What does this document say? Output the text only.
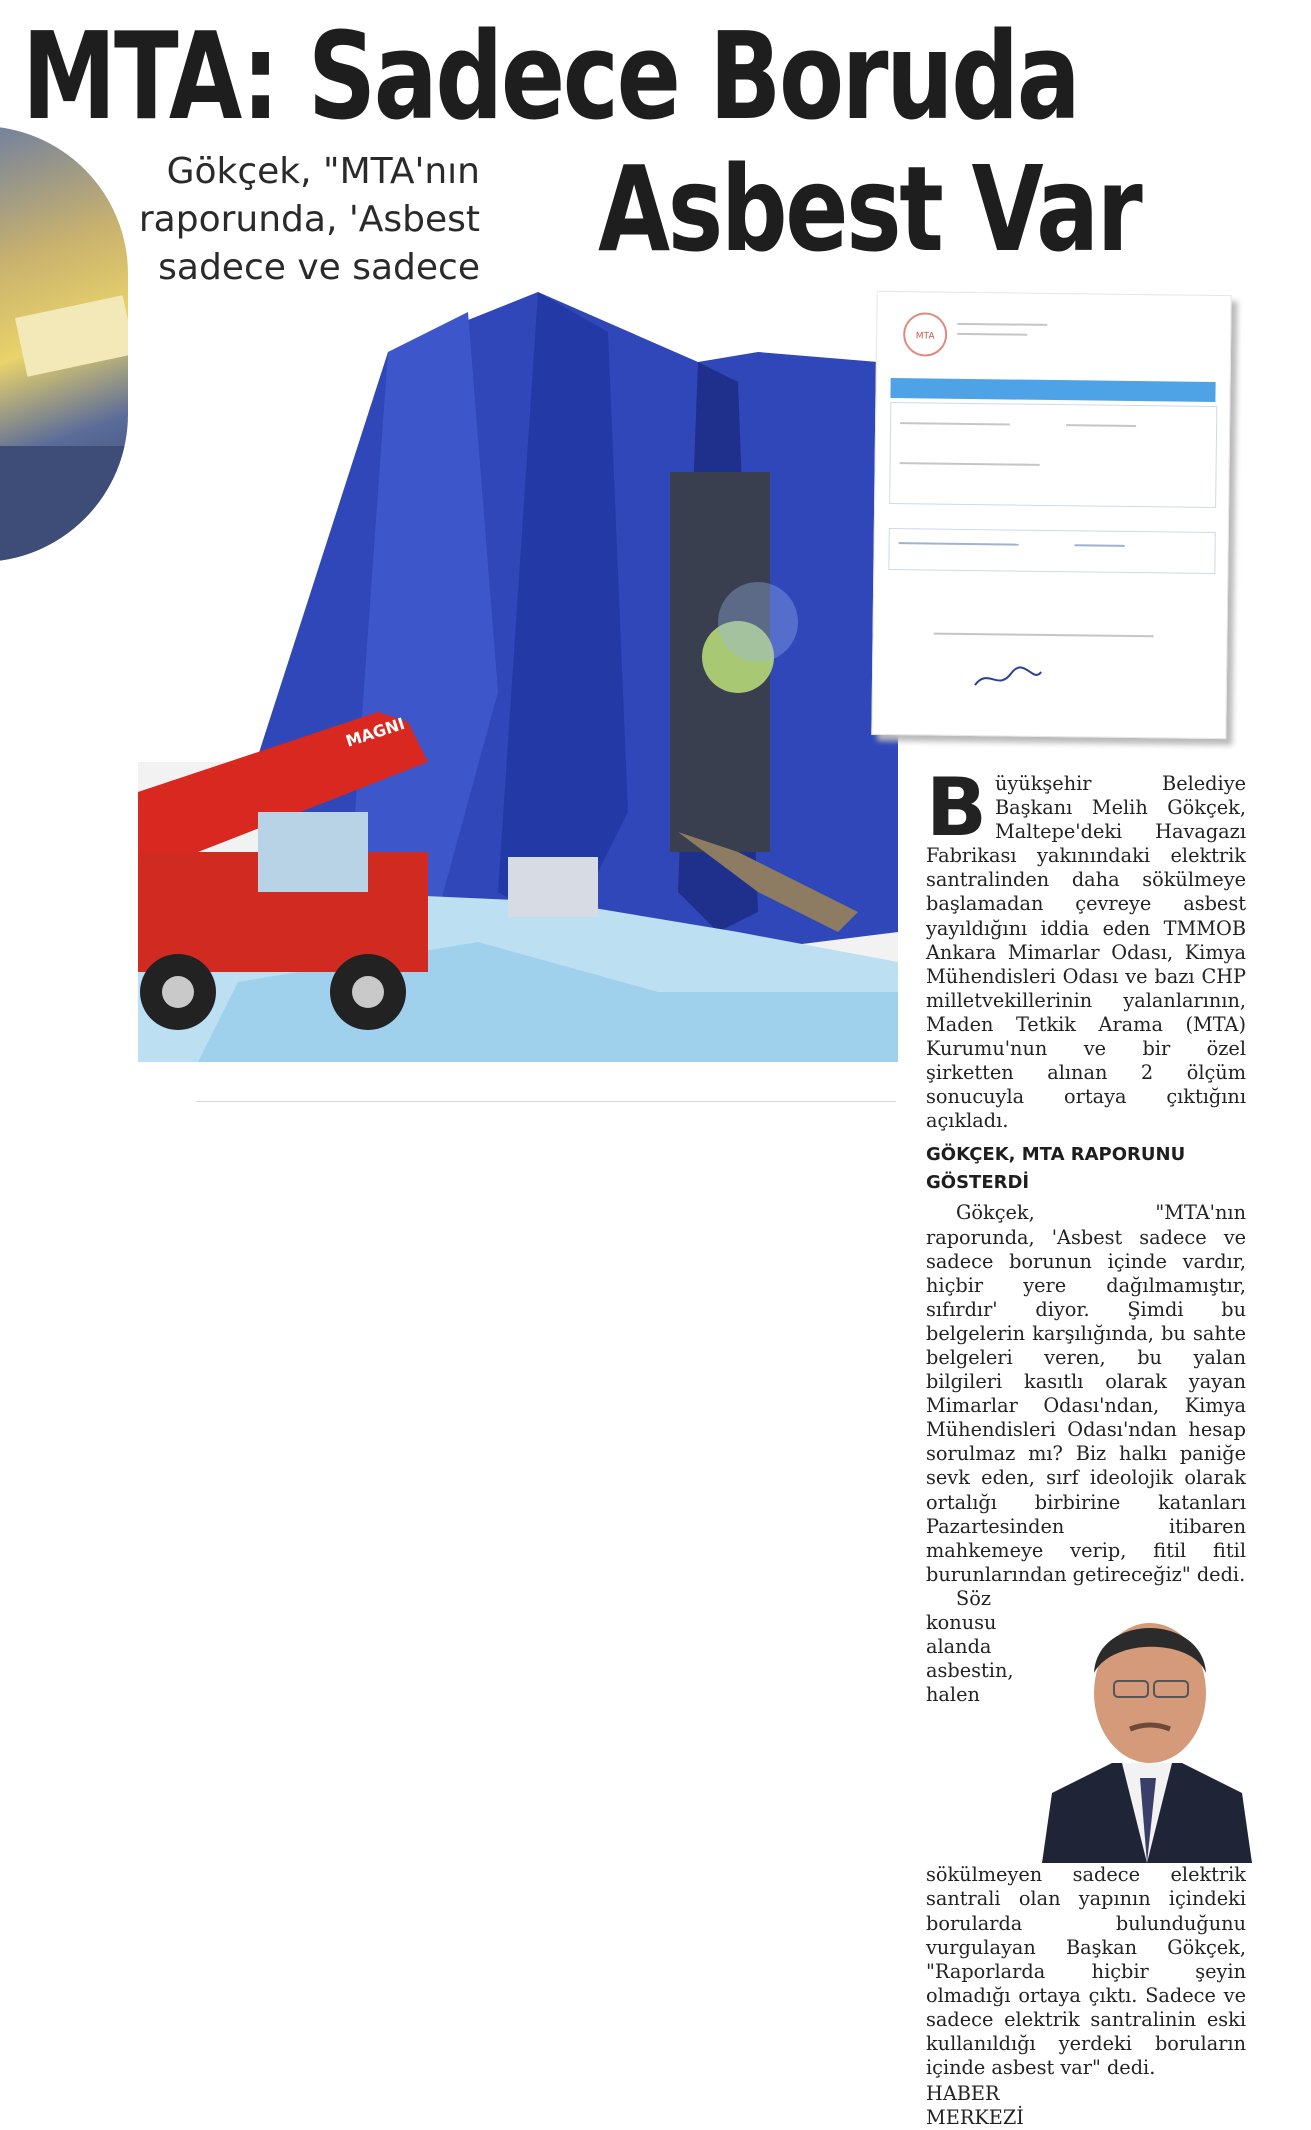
MTA: Sadece Boruda
Asbest Var
Gökçek, "MTA'nın
raporunda, 'Asbest
sadece ve sadece
MAGNI
MTA

Büyükşehir Belediye Başkanı Melih Gökçek, Maltepe'deki Havagazı Fabrikası yakınındaki elektrik santralinden daha sökülmeye başlamadan çevreye asbest yayıldığını iddia eden TMMOB Ankara Mimarlar Odası, Kimya Mühendisleri Odası ve bazı CHP milletvekillerinin yalanlarının, Maden Tetkik Arama (MTA) Kurumu'nun ve bir özel şirketten alınan 2 ölçüm sonucuyla ortaya çıktığını açıkladı.

GÖKÇEK, MTA RAPORUNU GÖSTERDİ

Gökçek, "MTA'nın raporunda, 'Asbest sadece ve sadece borunun içinde vardır, hiçbir yere dağılmamıştır, sıfırdır' diyor. Şimdi bu belgelerin karşılığında, bu sahte belgeleri veren, bu yalan bilgileri kasıtlı olarak yayan Mimarlar Odası'ndan, Kimya Mühendisleri Odası'ndan hesap sorulmaz mı? Biz halkı paniğe sevk eden, sırf ideolojik olarak ortalığı birbirine katanları Pazartesinden itibaren mahkemeye verip, fitil fitil burunlarından getireceğiz" dedi.

Söz konusu alanda asbestin, halen sökülmeyen sadece elektrik santrali olan yapının içindeki borularda bulunduğunu vurgulayan Başkan Gökçek, "Raporlarda hiçbir şeyin olmadığı ortaya çıktı. Sadece ve sadece elektrik santralinin eski kullanıldığı yerdeki boruların içinde asbest var" dedi.

HABER
MERKEZİ
